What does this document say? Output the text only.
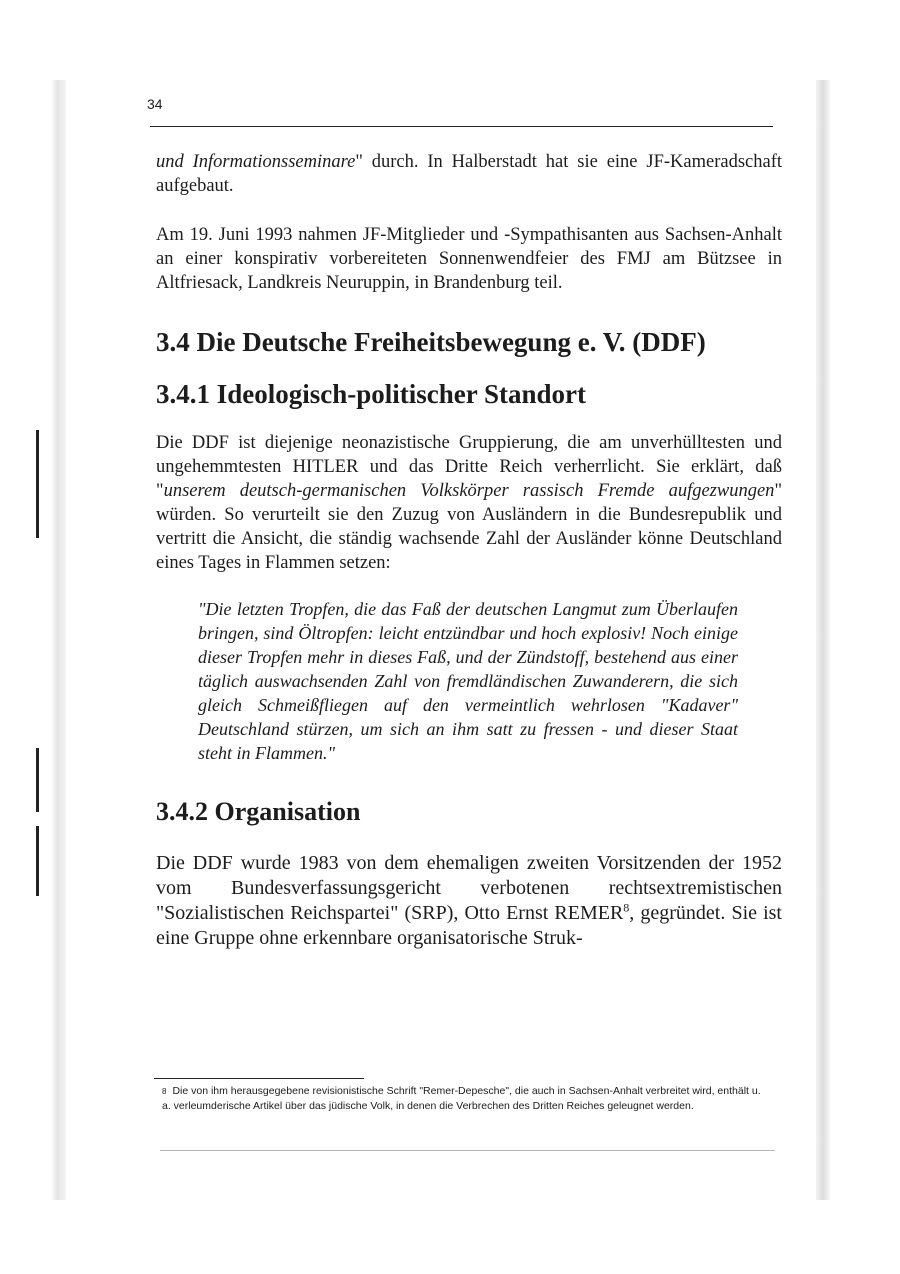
34

und Informationsseminare" durch. In Halberstadt hat sie eine JF-Kameradschaft aufgebaut.

Am 19. Juni 1993 nahmen JF-Mitglieder und -Sympathisanten aus Sachsen-Anhalt an einer konspirativ vorbereiteten Sonnenwendfeier des FMJ am Bützsee in Altfriesack, Landkreis Neuruppin, in Brandenburg teil.

3.4 Die Deutsche Freiheitsbewegung e. V. (DDF)
3.4.1 Ideologisch-politischer Standort

Die DDF ist diejenige neonazistische Gruppierung, die am unverhülltesten und ungehemmtesten HITLER und das Dritte Reich verherrlicht. Sie erklärt, daß "unserem deutsch-germanischen Volkskörper rassisch Fremde aufgezwungen" würden. So verurteilt sie den Zuzug von Ausländern in die Bundesrepublik und vertritt die Ansicht, die ständig wachsende Zahl der Ausländer könne Deutschland eines Tages in Flammen setzen:

"Die letzten Tropfen, die das Faß der deutschen Langmut zum Überlaufen bringen, sind Öltropfen: leicht entzündbar und hoch explosiv! Noch einige dieser Tropfen mehr in dieses Faß, und der Zündstoff, bestehend aus einer täglich auswachsenden Zahl von fremdländischen Zuwanderern, die sich gleich Schmeißfliegen auf den vermeintlich wehrlosen "Kadaver" Deutschland stürzen, um sich an ihm satt zu fressen - und dieser Staat steht in Flammen."
3.4.2 Organisation

Die DDF wurde 1983 von dem ehemaligen zweiten Vorsitzenden der 1952 vom Bundesverfassungsgericht verbotenen rechtsextremistischen "Sozialistischen Reichspartei" (SRP), Otto Ernst REMER$^8$, gegründet. Sie ist eine Gruppe ohne erkennbare organisatorische Struk-

$^8$ Die von ihm herausgegebene revisionistische Schrift "Remer-Depesche", die auch in Sachsen-Anhalt verbreitet wird, enthält u. a. verleumderische Artikel über das jüdische Volk, in denen die Verbrechen des Dritten Reiches geleugnet werden.
